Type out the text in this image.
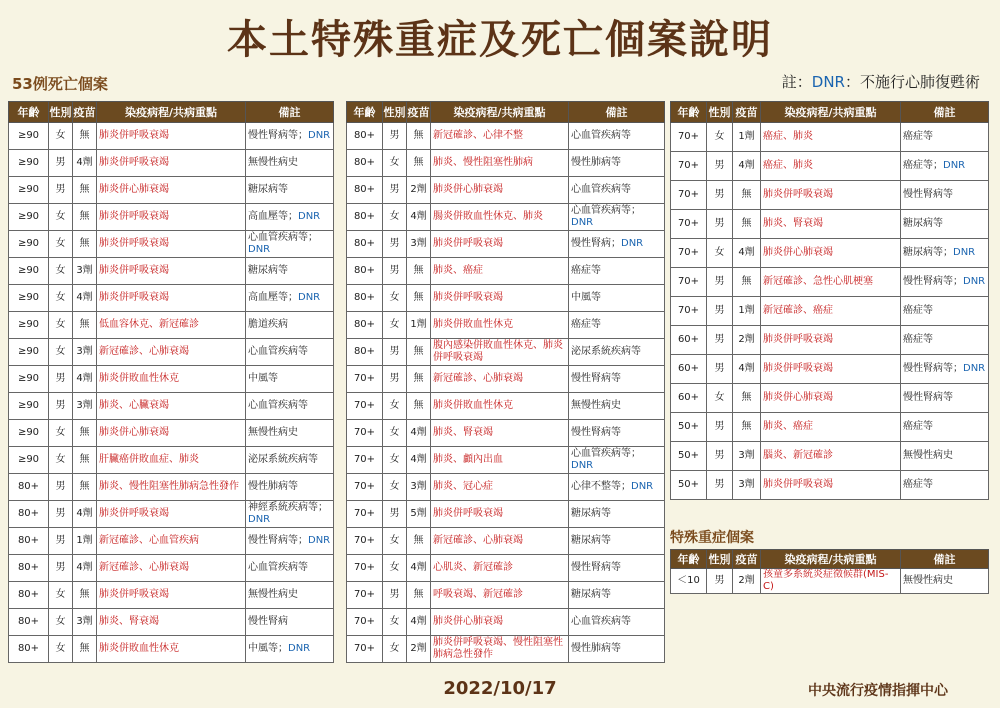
本土特殊重症及死亡個案說明
53例死亡個案	註：DNR：不施行心肺復甦術
年齡	性別	疫苗	染疫病程/共病重點	備註
≥90	女	無	肺炎併呼吸衰竭	慢性腎病等；DNR
≥90	男	4劑	肺炎併呼吸衰竭	無慢性病史
≥90	男	無	肺炎併心肺衰竭	糖尿病等
≥90	女	無	肺炎併呼吸衰竭	高血壓等；DNR
≥90	女	無	肺炎併呼吸衰竭	心血管疾病等；DNR
≥90	女	3劑	肺炎併呼吸衰竭	糖尿病等
≥90	女	4劑	肺炎併呼吸衰竭	高血壓等；DNR
≥90	女	無	低血容休克、新冠確診	膽道疾病
≥90	女	3劑	新冠確診、心肺衰竭	心血管疾病等
≥90	男	4劑	肺炎併敗血性休克	中風等
≥90	男	3劑	肺炎、心臟衰竭	心血管疾病等
≥90	女	無	肺炎併心肺衰竭	無慢性病史
≥90	女	無	肝臟癌併敗血症、肺炎	泌尿系統疾病等
80+	男	無	肺炎、慢性阻塞性肺病急性發作	慢性肺病等
80+	男	4劑	肺炎併呼吸衰竭	神經系統疾病等；DNR
80+	男	1劑	新冠確診、心血管疾病	慢性腎病等；DNR
80+	男	4劑	新冠確診、心肺衰竭	心血管疾病等
80+	女	無	肺炎併呼吸衰竭	無慢性病史
80+	女	3劑	肺炎、腎衰竭	慢性腎病
80+	女	無	肺炎併敗血性休克	中風等；DNR
年齡	性別	疫苗	染疫病程/共病重點	備註
80+	男	無	新冠確診、心律不整	心血管疾病等
80+	女	無	肺炎、慢性阻塞性肺病	慢性肺病等
80+	男	2劑	肺炎併心肺衰竭	心血管疾病等
80+	女	4劑	腸炎併敗血性休克、肺炎	心血管疾病等；DNR
80+	男	3劑	肺炎併呼吸衰竭	慢性腎病；DNR
80+	男	無	肺炎、癌症	癌症等
80+	女	無	肺炎併呼吸衰竭	中風等
80+	女	1劑	肺炎併敗血性休克	癌症等
80+	男	無	腹內感染併敗血性休克、肺炎併呼吸衰竭	泌尿系統疾病等
70+	男	無	新冠確診、心肺衰竭	慢性腎病等
70+	女	無	肺炎併敗血性休克	無慢性病史
70+	女	4劑	肺炎、腎衰竭	慢性腎病等
70+	女	4劑	肺炎、顱內出血	心血管疾病等；DNR
70+	女	3劑	肺炎、冠心症	心律不整等；DNR
70+	男	5劑	肺炎併呼吸衰竭	糖尿病等
70+	女	無	新冠確診、心肺衰竭	糖尿病等
70+	女	4劑	心肌炎、新冠確診	慢性腎病等
70+	男	無	呼吸衰竭、新冠確診	糖尿病等
70+	女	4劑	肺炎併心肺衰竭	心血管疾病等
70+	女	2劑	肺炎併呼吸衰竭、慢性阻塞性肺病急性發作	慢性肺病等
年齡	性別	疫苗	染疫病程/共病重點	備註
70+	女	1劑	癌症、肺炎	癌症等
70+	男	4劑	癌症、肺炎	癌症等；DNR
70+	男	無	肺炎併呼吸衰竭	慢性腎病等
70+	男	無	肺炎、腎衰竭	糖尿病等
70+	女	4劑	肺炎併心肺衰竭	糖尿病等；DNR
70+	男	無	新冠確診、急性心肌梗塞	慢性腎病等；DNR
70+	男	1劑	新冠確診、癌症	癌症等
60+	男	2劑	肺炎併呼吸衰竭	癌症等
60+	男	4劑	肺炎併呼吸衰竭	慢性腎病等；DNR
60+	女	無	肺炎併心肺衰竭	慢性腎病等
50+	男	無	肺炎、癌症	癌症等
50+	男	3劑	腦炎、新冠確診	無慢性病史
50+	男	3劑	肺炎併呼吸衰竭	癌症等
特殊重症個案
年齡	性別	疫苗	染疫病程/共病重點	備註
＜10	男	2劑	孩童多系統炎症徵候群(MIS-C)	無慢性病史
2022/10/17	中央流行疫情指揮中心
